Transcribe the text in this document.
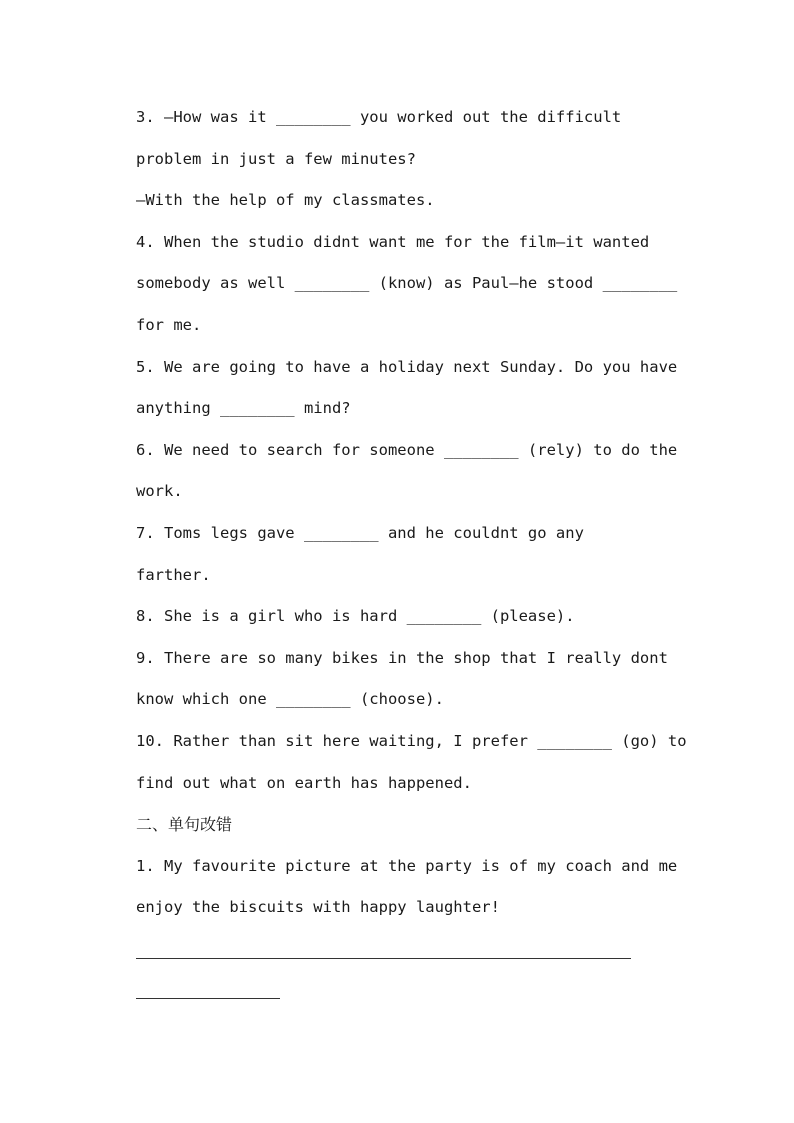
3. —How was it ________ you worked out the difficult
problem in just a few minutes?
—With the help of my classmates.
4. When the studio didnt want me for the film—it wanted
somebody as well ________ (know) as Paul—he stood ________
for me.
5. We are going to have a holiday next Sunday. Do you have
anything ________ mind?
6. We need to search for someone ________ (rely) to do the
work.
7. Toms legs gave ________ and he couldnt go any
farther.
8. She is a girl who is hard ________ (please).
9. There are so many bikes in the shop that I really dont
know which one ________ (choose).
10. Rather than sit here waiting, I prefer ________ (go) to
find out what on earth has happened.
二、单句改错
1. My favourite picture at the party is of my coach and me
enjoy the biscuits with happy laughter!
